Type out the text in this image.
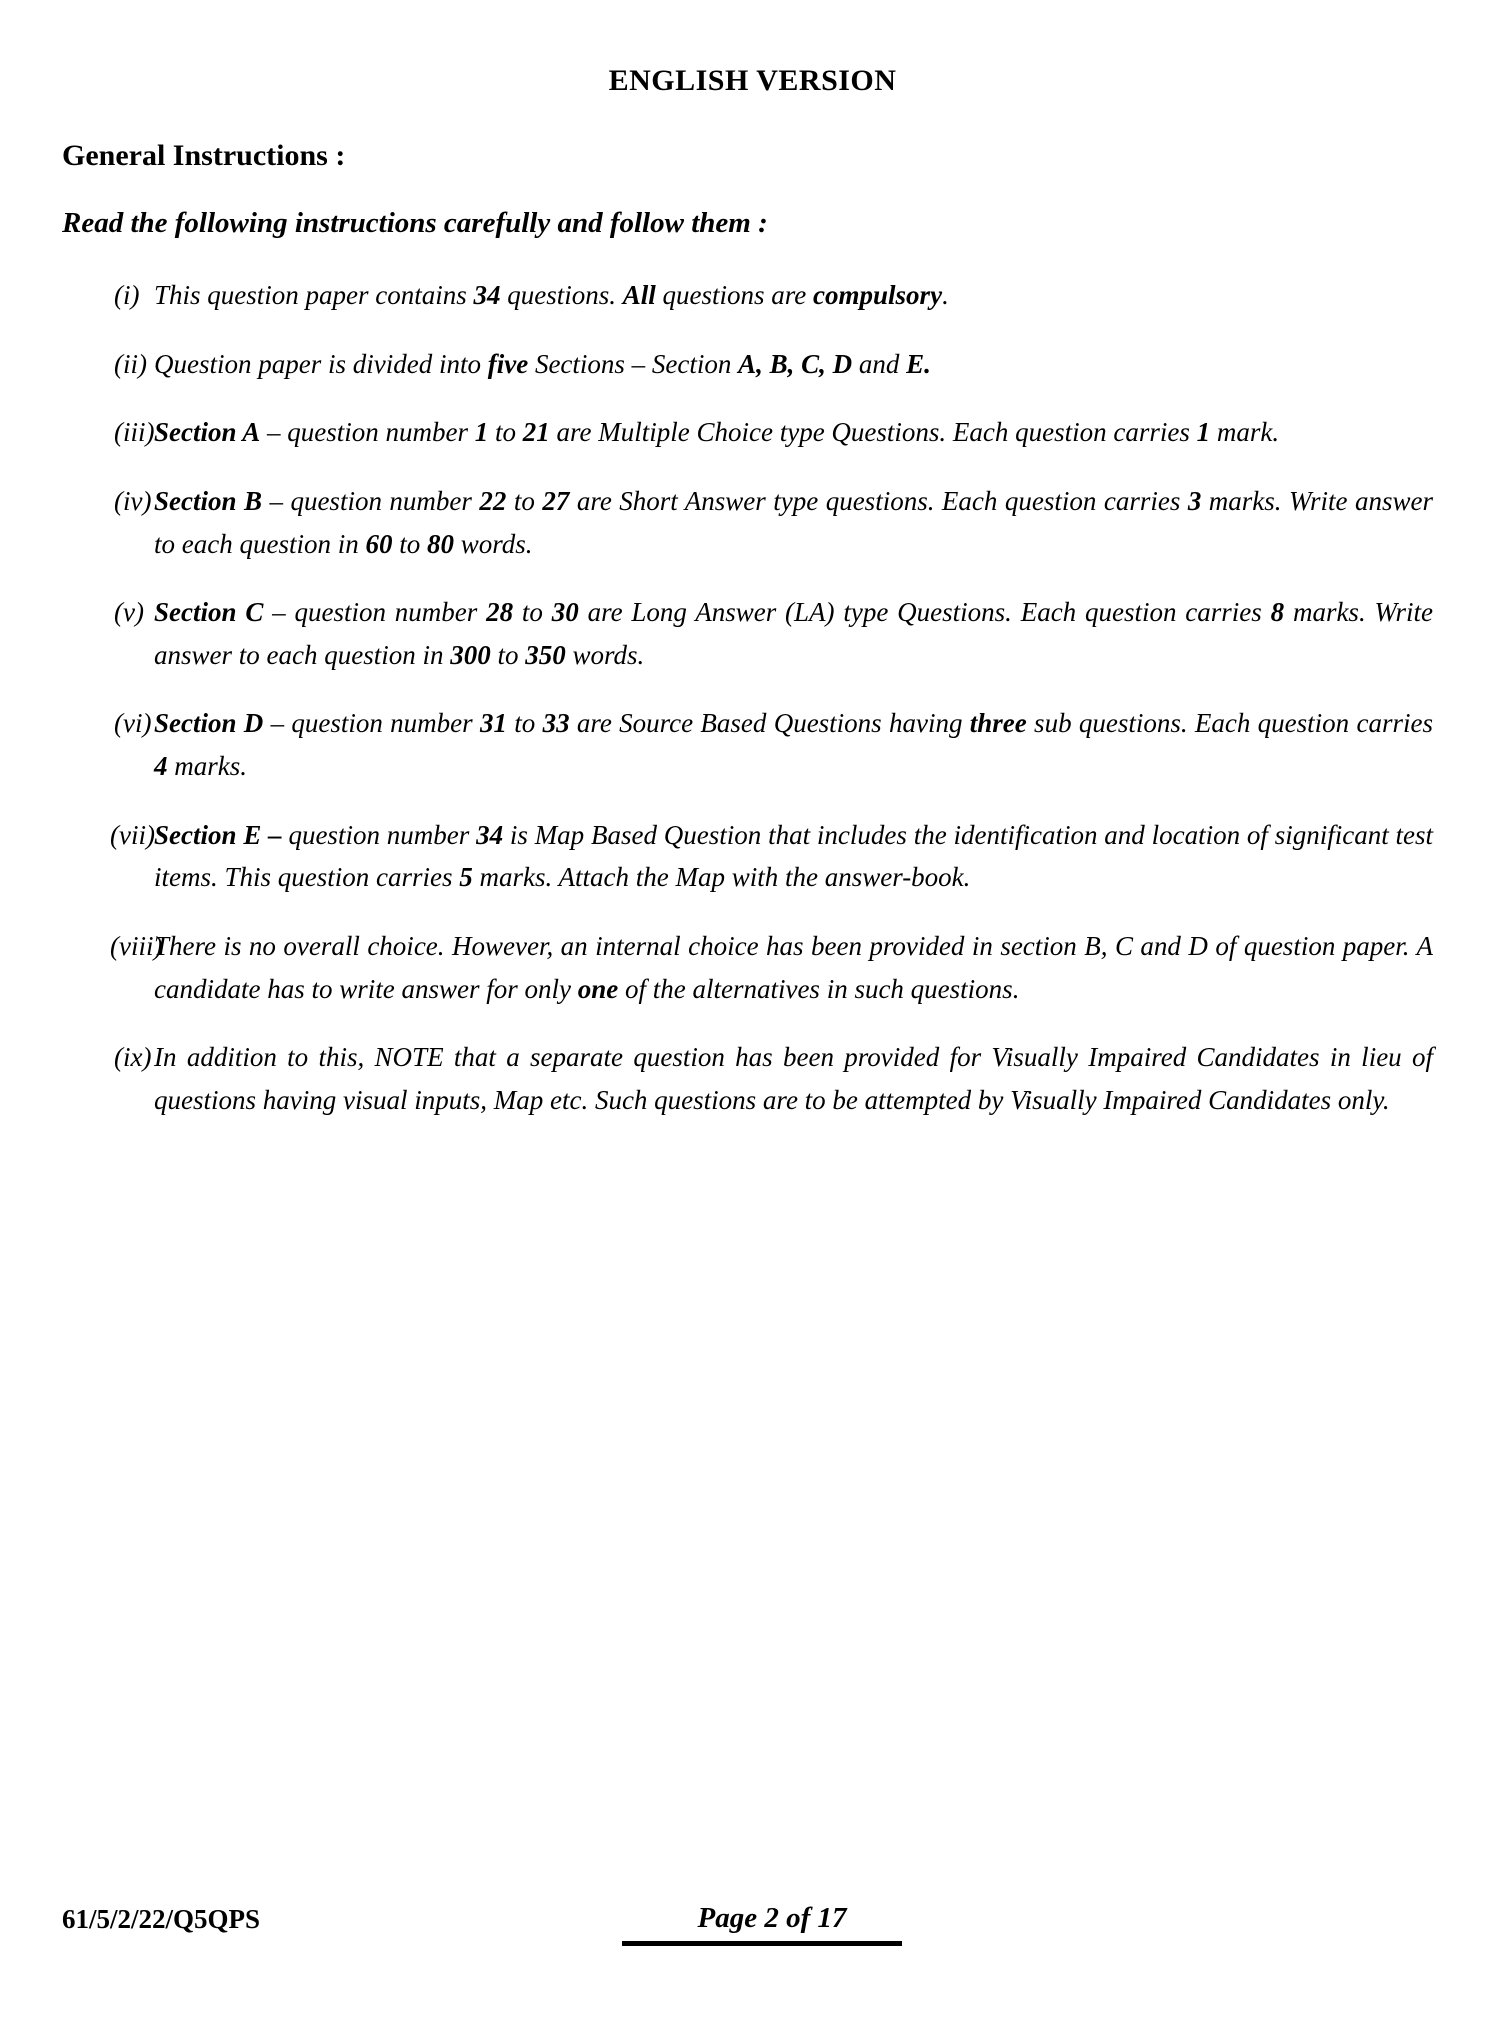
ENGLISH VERSION
General Instructions :
Read the following instructions carefully and follow them :
(i) This question paper contains 34 questions. All questions are compulsory.
(ii) Question paper is divided into five Sections – Section A, B, C, D and E.
(iii) Section A – question number 1 to 21 are Multiple Choice type Questions. Each question carries 1 mark.
(iv) Section B – question number 22 to 27 are Short Answer type questions. Each question carries 3 marks. Write answer to each question in 60 to 80 words.
(v) Section C – question number 28 to 30 are Long Answer (LA) type Questions. Each question carries 8 marks. Write answer to each question in 300 to 350 words.
(vi) Section D – question number 31 to 33 are Source Based Questions having three sub questions. Each question carries 4 marks.
(vii) Section E – question number 34 is Map Based Question that includes the identification and location of significant test items. This question carries 5 marks. Attach the Map with the answer-book.
(viii)
There is no overall choice. However, an internal choice has been provided in section B, C and D of question paper. A candidate has to write answer for only one of the alternatives in such questions.
(ix) In addition to this, NOTE that a separate question has been provided for Visually Impaired Candidates in lieu of questions having visual inputs, Map etc. Such questions are to be attempted by Visually Impaired Candidates only.
61/5/2/22/Q5QPS	Page 2 of 17
